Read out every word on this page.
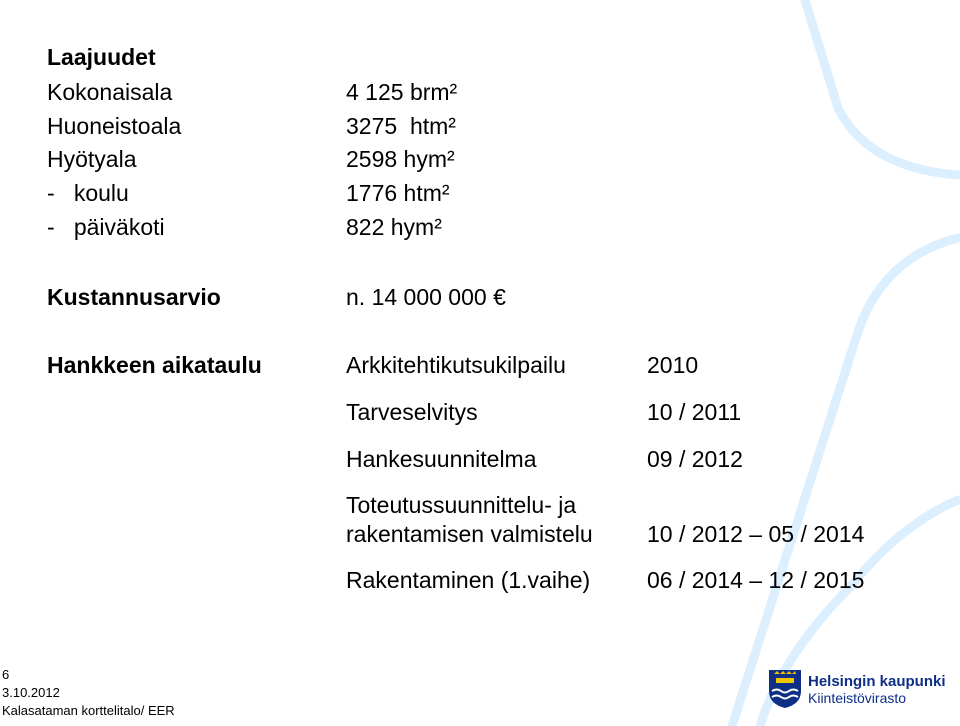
Laajuudet
Kokonaisala	4 125 brm²
Huoneistoala	3275  htm²
Hyötyala	2598 hym²
-   koulu	1776 htm²
-   päiväkoti	822 hym²
Kustannusarvio	n. 14 000 000 €
Hankkeen aikataulu	Arkkitehtikutsukilpailu	2010
Tarveselvitys	10 / 2011
Hankesuunnitelma	09 / 2012
Toteutussuunnittelu- ja
rakentamisen valmistelu 10 / 2012 – 05 / 2014
Rakentaminen (1.vaihe) 06 / 2014 – 12 / 2015
6
3.10.2012
Kalasataman korttelitalo/ EER
Helsingin kaupunki
Kiinteistövirasto
